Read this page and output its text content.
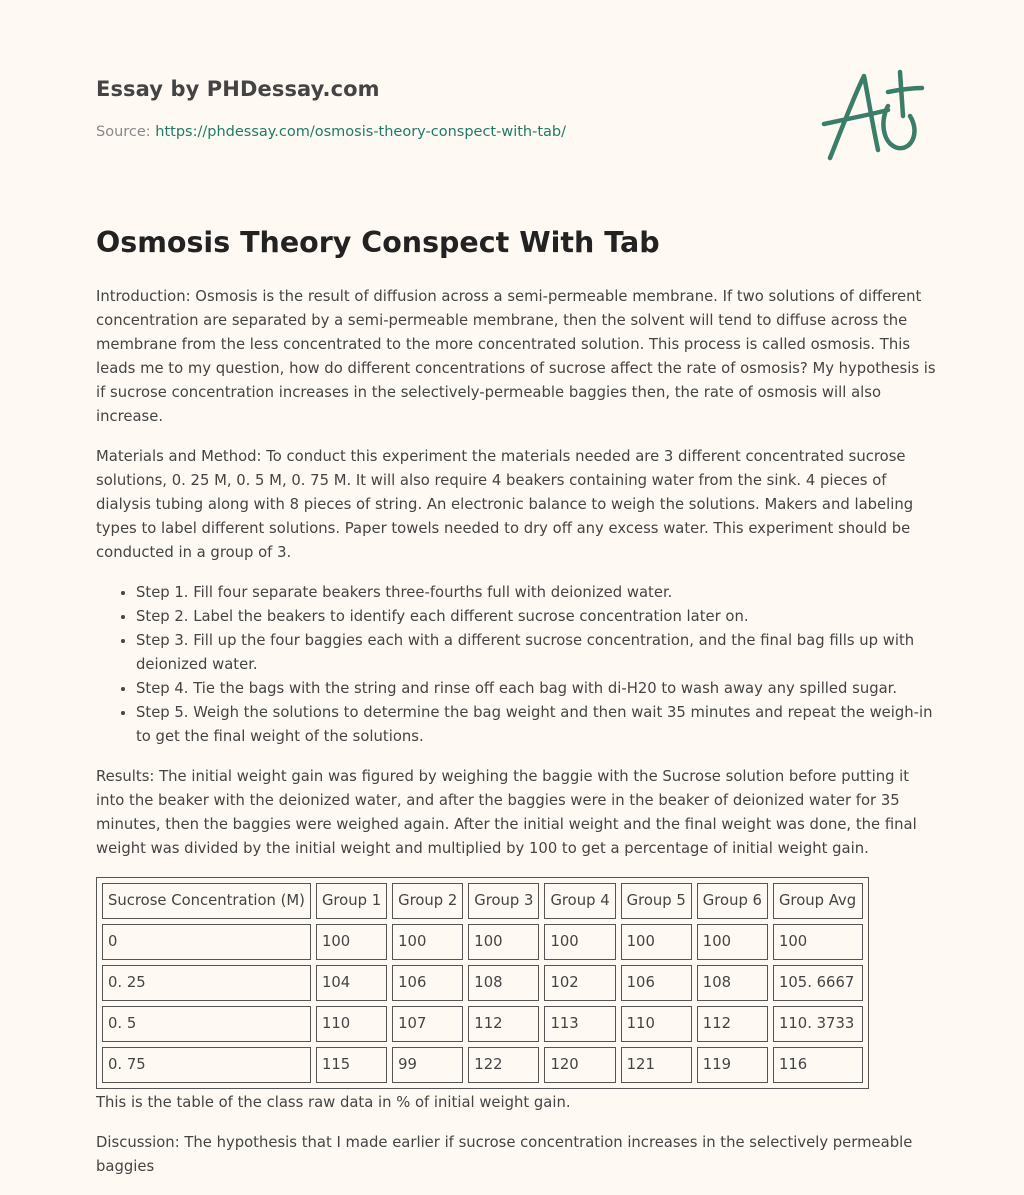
Essay by PHDessay.com
Source: https://phdessay.com/osmosis-theory-conspect-with-tab/
Osmosis Theory Conspect With Tab

Introduction: Osmosis is the result of diffusion across a semi-permeable membrane. If two solutions of different concentration are separated by a semi-permeable membrane, then the solvent will tend to diffuse across the membrane from the less concentrated to the more concentrated solution. This process is called osmosis. This leads me to my question, how do different concentrations of sucrose affect the rate of osmosis? My hypothesis is if sucrose concentration increases in the selectively-permeable baggies then, the rate of osmosis will also increase.

Materials and Method: To conduct this experiment the materials needed are 3 different concentrated sucrose solutions, 0. 25 M, 0. 5 M, 0. 75 M. It will also require 4 beakers containing water from the sink. 4 pieces of dialysis tubing along with 8 pieces of string. An electronic balance to weigh the solutions. Makers and labeling types to label different solutions. Paper towels needed to dry off any excess water. This experiment should be conducted in a group of 3.

• Step 1. Fill four separate beakers three-fourths full with deionized water.
• Step 2. Label the beakers to identify each different sucrose concentration later on.
• Step 3. Fill up the four baggies each with a different sucrose concentration, and the final bag fills up with deionized water.
• Step 4. Tie the bags with the string and rinse off each bag with di-H20 to wash away any spilled sugar.
• Step 5. Weigh the solutions to determine the bag weight and then wait 35 minutes and repeat the weigh-in to get the final weight of the solutions.

Results: The initial weight gain was figured by weighing the baggie with the Sucrose solution before putting it into the beaker with the deionized water, and after the baggies were in the beaker of deionized water for 35 minutes, then the baggies were weighed again. After the initial weight and the final weight was done, the final weight was divided by the initial weight and multiplied by 100 to get a percentage of initial weight gain.

Sucrose Concentration (M)	Group 1	Group 2	Group 3	Group 4	Group 5	Group 6	Group Avg
0	100	100	100	100	100	100	100
0. 25	104	106	108	102	106	108	105. 6667
0. 5	110	107	112	113	110	112	110. 3733
0. 75	115	99	122	120	121	119	116

This is the table of the class raw data in % of initial weight gain.

Discussion: The hypothesis that I made earlier if sucrose concentration increases in the selectively permeable baggies
